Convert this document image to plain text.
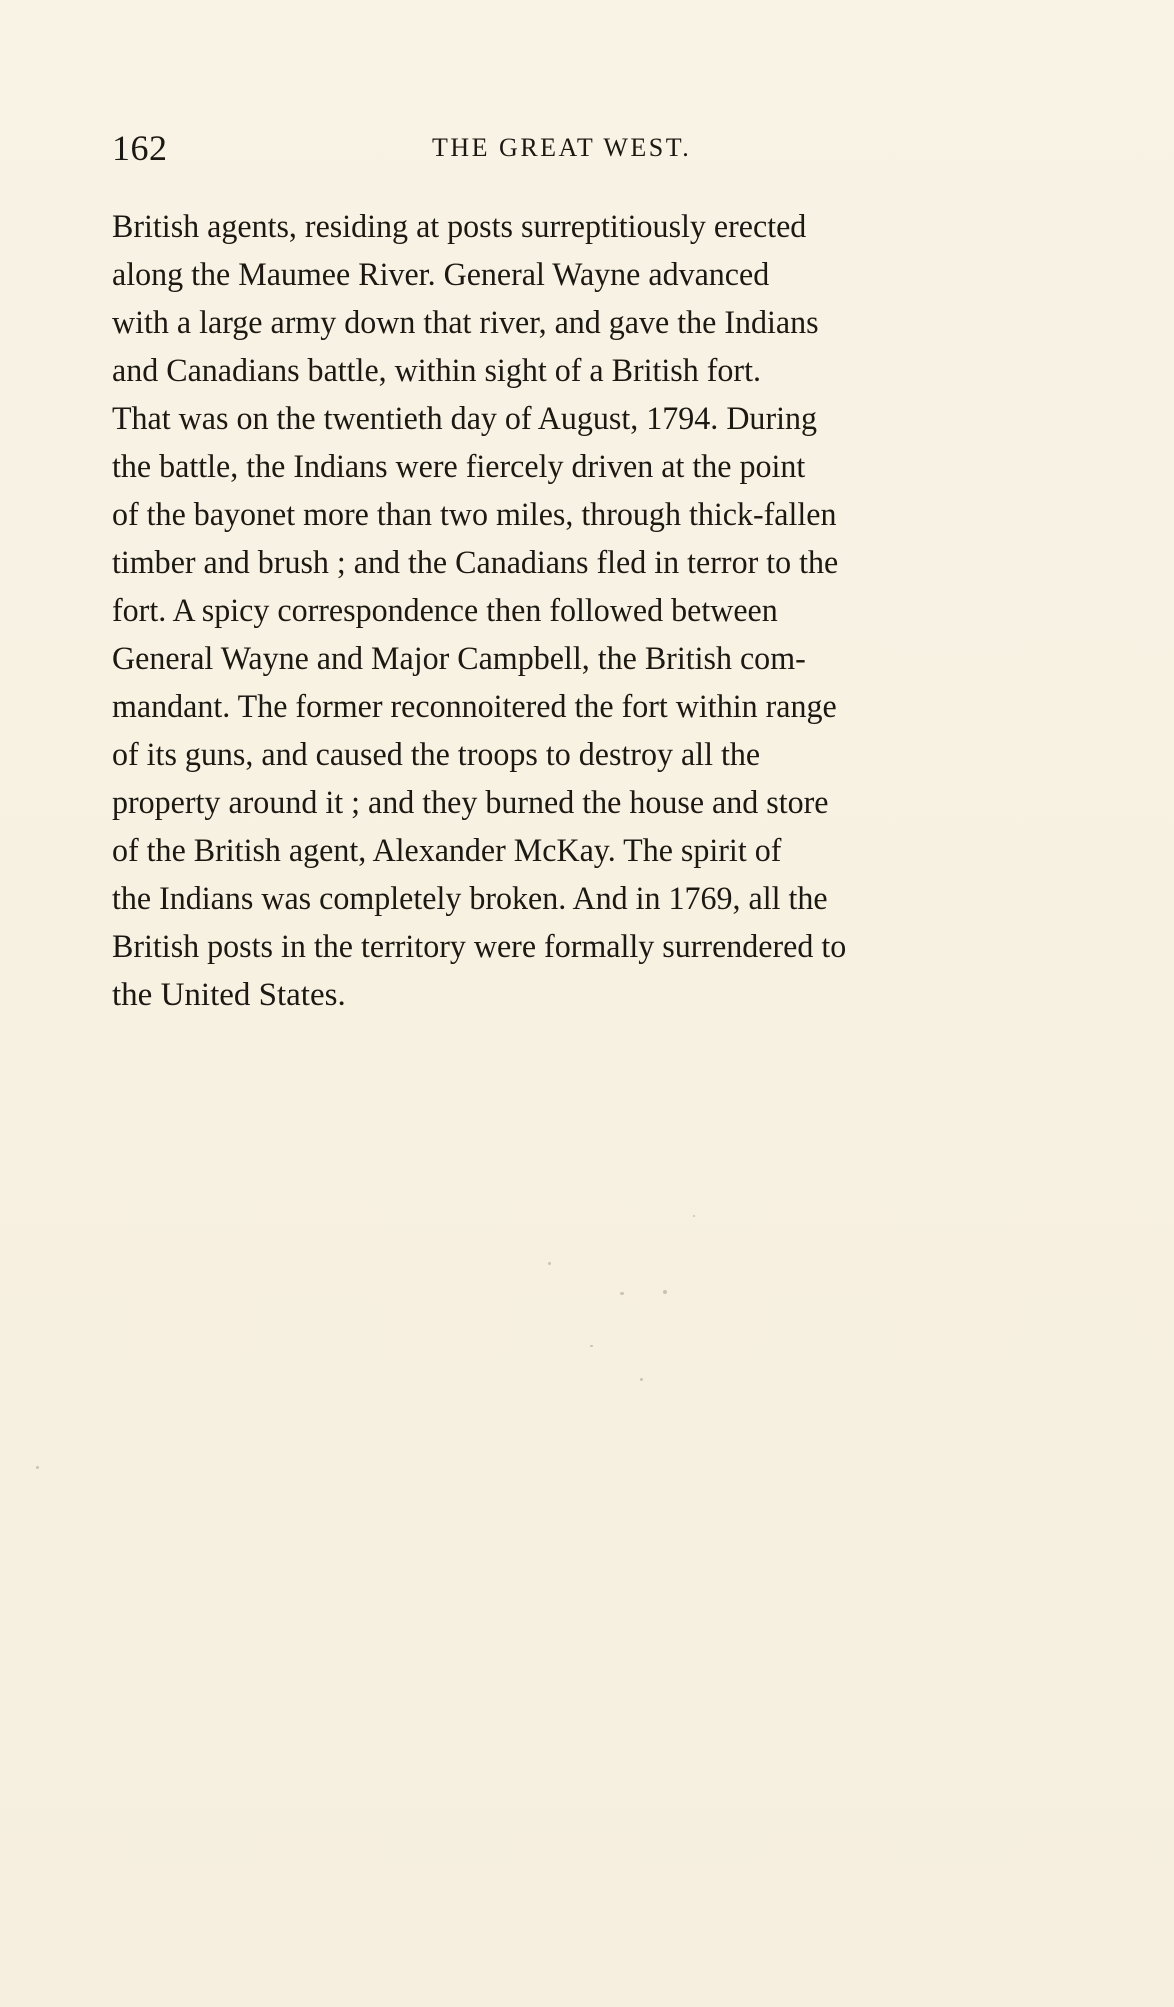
162	THE GREAT WEST.
British agents, residing at posts surreptitiously erected
along the Maumee River. General Wayne advanced
with a large army down that river, and gave the Indians
and Canadians battle, within sight of a British fort.
That was on the twentieth day of August, 1794. During
the battle, the Indians were fiercely driven at the point
of the bayonet more than two miles, through thick-fallen
timber and brush ; and the Canadians fled in terror to the
fort. A spicy correspondence then followed between
General Wayne and Major Campbell, the British com-
mandant. The former reconnoitered the fort within range
of its guns, and caused the troops to destroy all the
property around it ; and they burned the house and store
of the British agent, Alexander McKay. The spirit of
the Indians was completely broken. And in 1769, all the
British posts in the territory were formally surrendered to
the United States.
